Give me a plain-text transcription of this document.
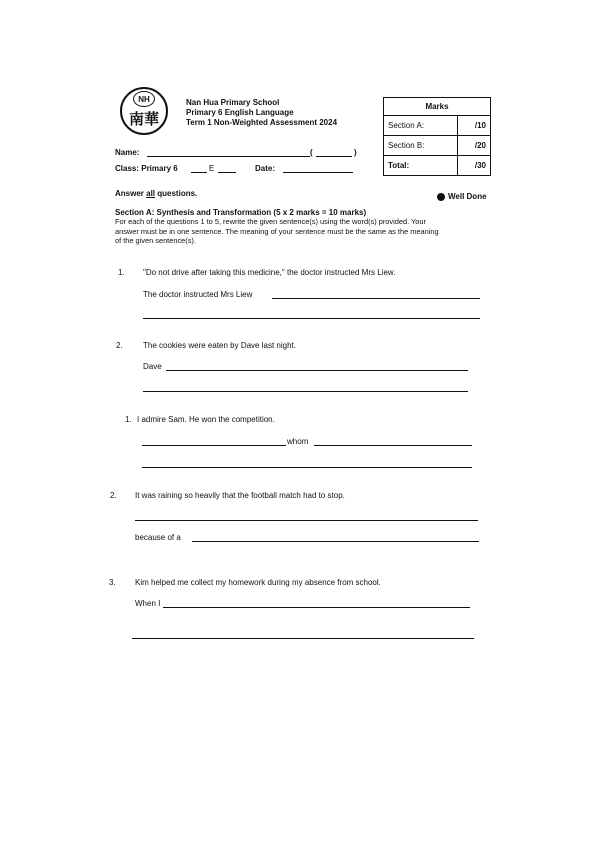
NH
南華
Nan Hua Primary School
Primary 6 English Language
Term 1 Non-Weighted Assessment 2024
Marks	
Section A:	/10
Section B:	/20
Total:	/30
Name:	(	)
Class: Primary 6	E	Date:
Answer all questions.	Well Done
Section A: Synthesis and Transformation (5 x 2 marks = 10 marks)
For each of the questions 1 to 5, rewrite the given sentence(s) using the word(s) provided. Your
answer must be in one sentence. The meaning of your sentence must be the same as the meaning
of the given sentence(s).
1. "Do not drive after taking this medicine," the doctor instructed Mrs Liew.
The doctor instructed Mrs Liew
2.	The cookies were eaten by Dave last night.
Dave
1. I admire Sam. He won the competition.
whom
2. It was raining so heavily that the football match had to stop.
because of a
3. Kim helped me collect my homework during my absence from school.
When I
